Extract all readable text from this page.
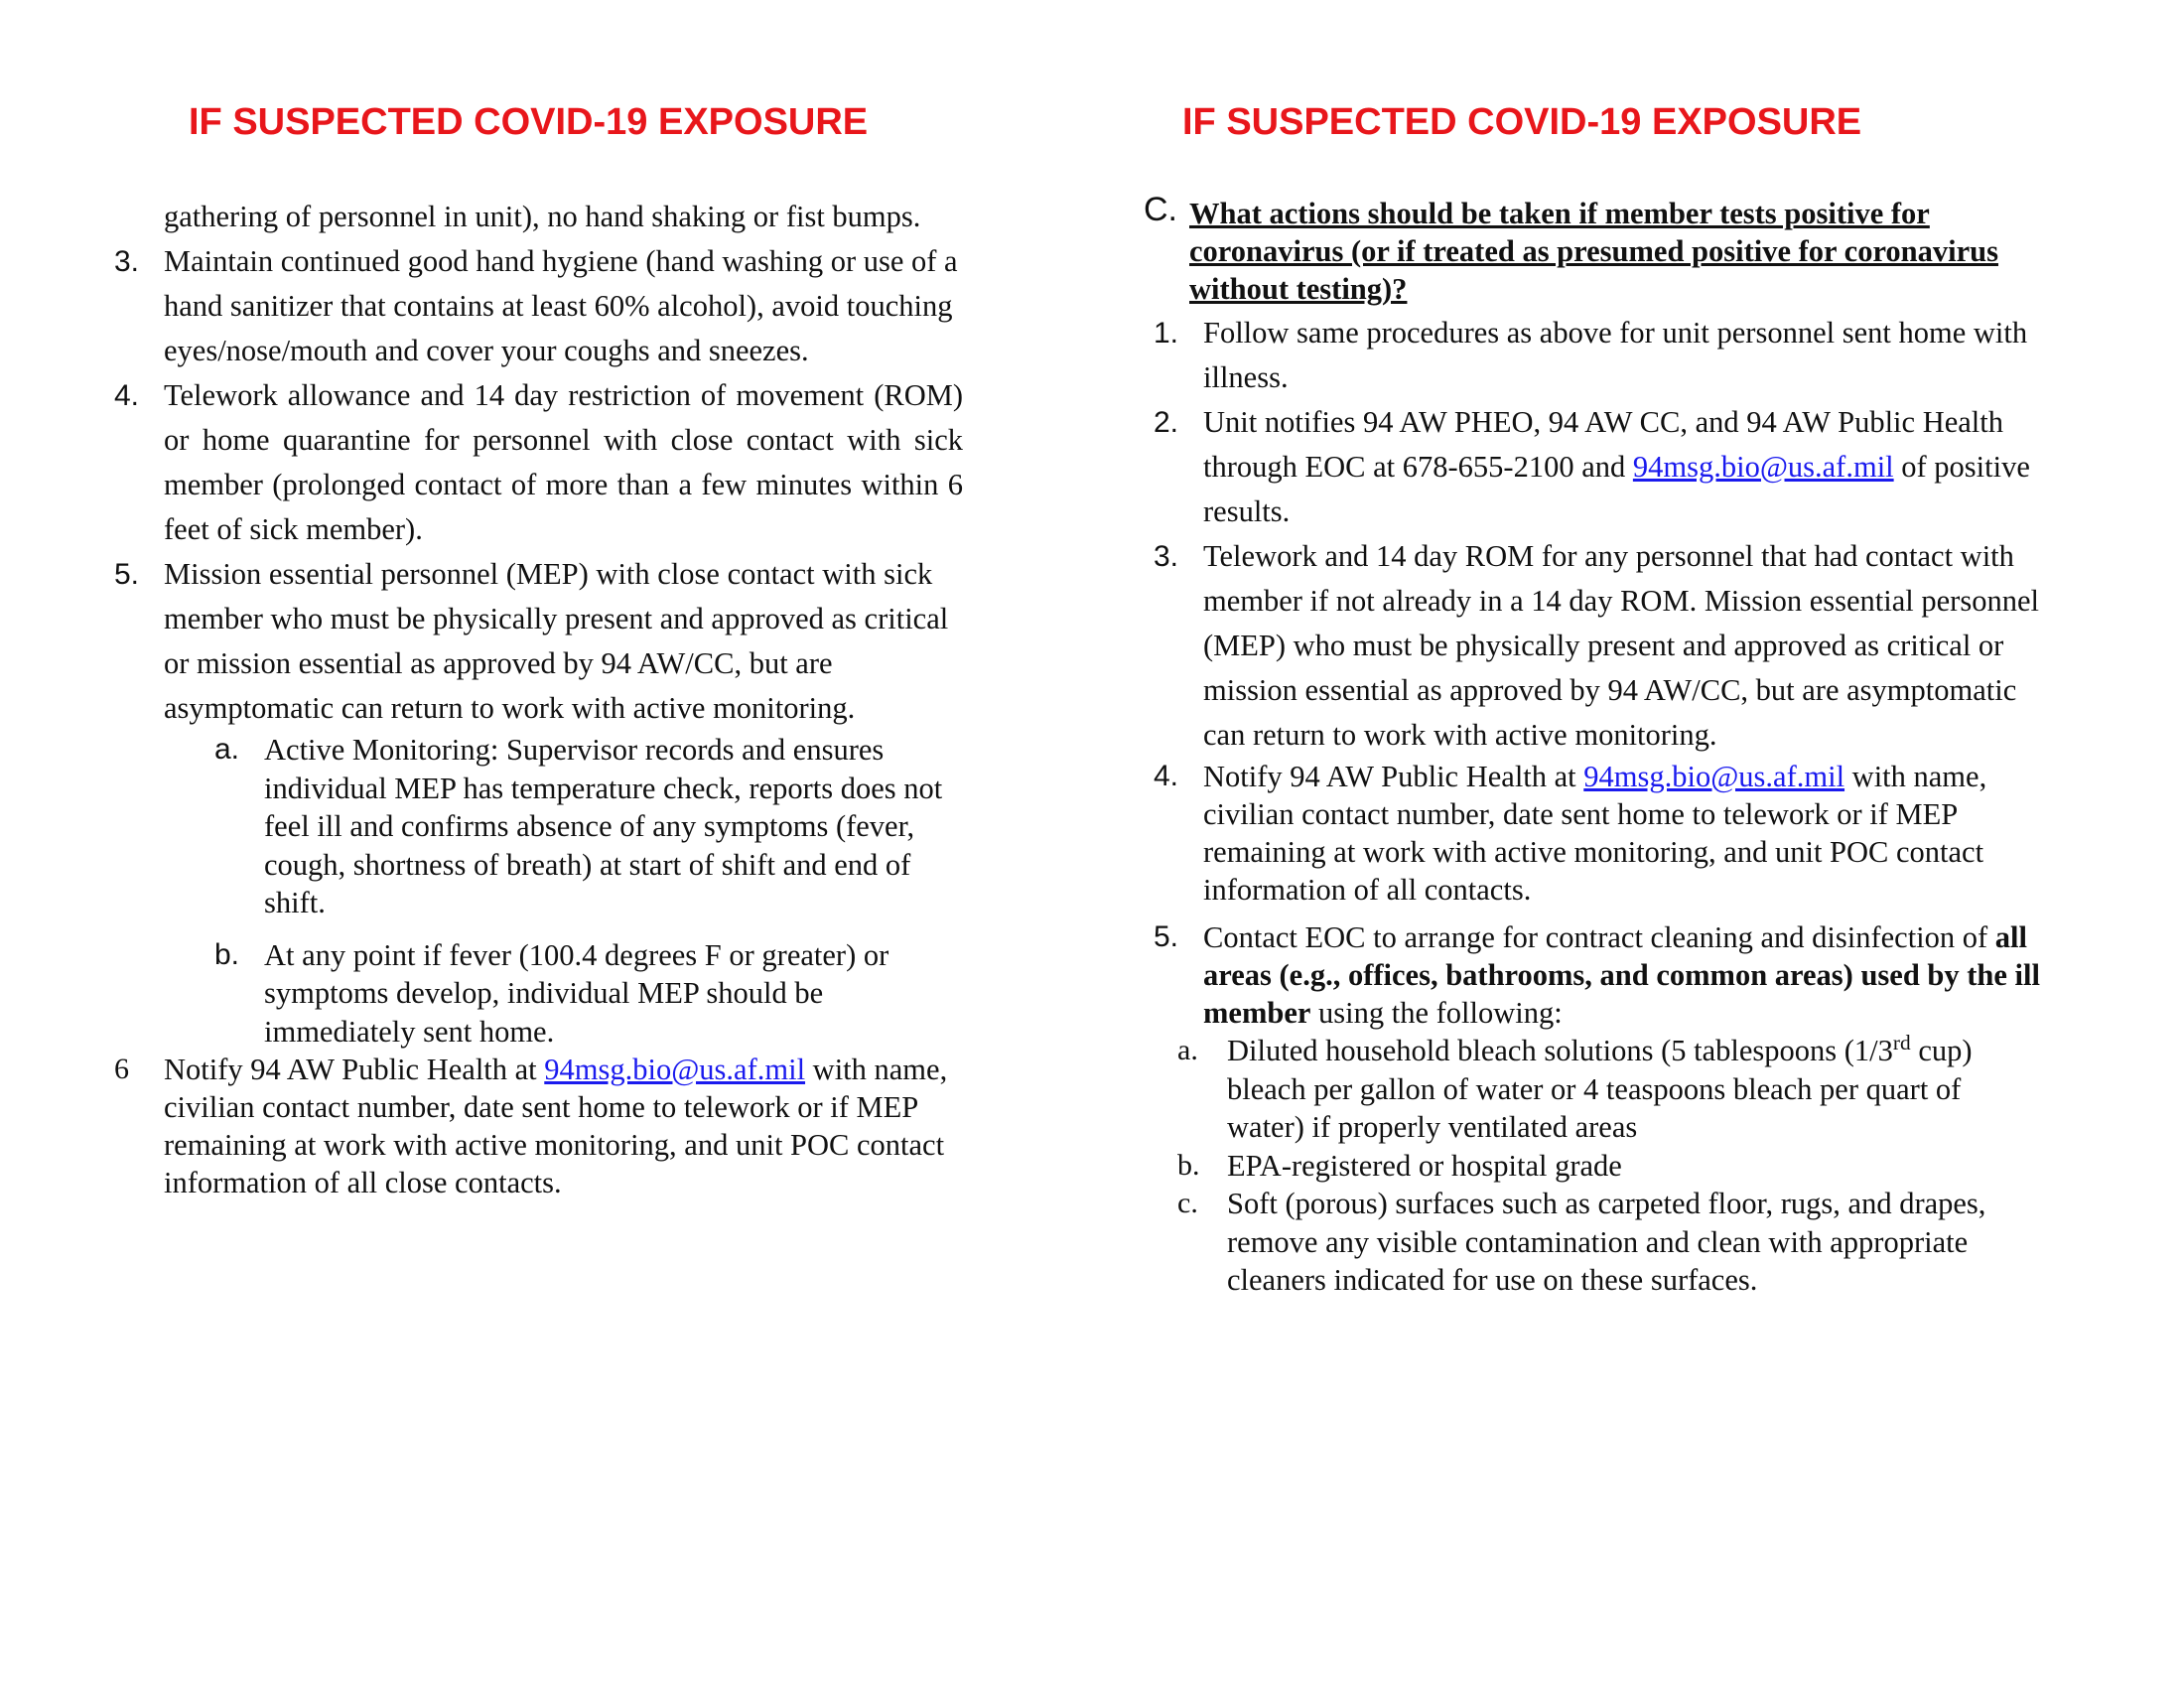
IF SUSPECTED COVID-19 EXPOSURE
gathering of personnel in unit), no hand shaking or fist bumps.
3. Maintain continued good hand hygiene (hand washing or use of a hand sanitizer that contains at least 60% alcohol), avoid touching eyes/nose/mouth and cover your coughs and sneezes.
4. Telework allowance and 14 day restriction of movement (ROM) or home quarantine for personnel with close contact with sick member (prolonged contact of more than a few minutes within 6 feet of sick member).
5. Mission essential personnel (MEP) with close contact with sick member who must be physically present and approved as critical or mission essential as approved by 94 AW/CC, but are asymptomatic can return to work with active monitoring.
a. Active Monitoring: Supervisor records and ensures individual MEP has temperature check, reports does not feel ill and confirms absence of any symptoms (fever, cough, shortness of breath) at start of shift and end of shift.
b. At any point if fever (100.4 degrees F or greater) or symptoms develop, individual MEP should be immediately sent home.
6 Notify 94 AW Public Health at 94msg.bio@us.af.mil with name, civilian contact number, date sent home to telework or if MEP remaining at work with active monitoring, and unit POC contact information of all close contacts.
IF SUSPECTED COVID-19 EXPOSURE
C. What actions should be taken if member tests positive for coronavirus (or if treated as presumed positive for coronavirus without testing)?
1. Follow same procedures as above for unit personnel sent home with illness.
2. Unit notifies 94 AW PHEO, 94 AW CC, and 94 AW Public Health through EOC at 678-655-2100 and 94msg.bio@us.af.mil of positive results.
3. Telework and 14 day ROM for any personnel that had contact with member if not already in a 14 day ROM. Mission essential personnel (MEP) who must be physically present and approved as critical or mission essential as approved by 94 AW/CC, but are asymptomatic can return to work with active monitoring.
4. Notify 94 AW Public Health at 94msg.bio@us.af.mil with name, civilian contact number, date sent home to telework or if MEP remaining at work with active monitoring, and unit POC contact information of all contacts.
5. Contact EOC to arrange for contract cleaning and disinfection of all areas (e.g., offices, bathrooms, and common areas) used by the ill member using the following:
a. Diluted household bleach solutions (5 tablespoons (1/3rd cup) bleach per gallon of water or 4 teaspoons bleach per quart of water) if properly ventilated areas
b. EPA-registered or hospital grade
c. Soft (porous) surfaces such as carpeted floor, rugs, and drapes, remove any visible contamination and clean with appropriate cleaners indicated for use on these surfaces.
